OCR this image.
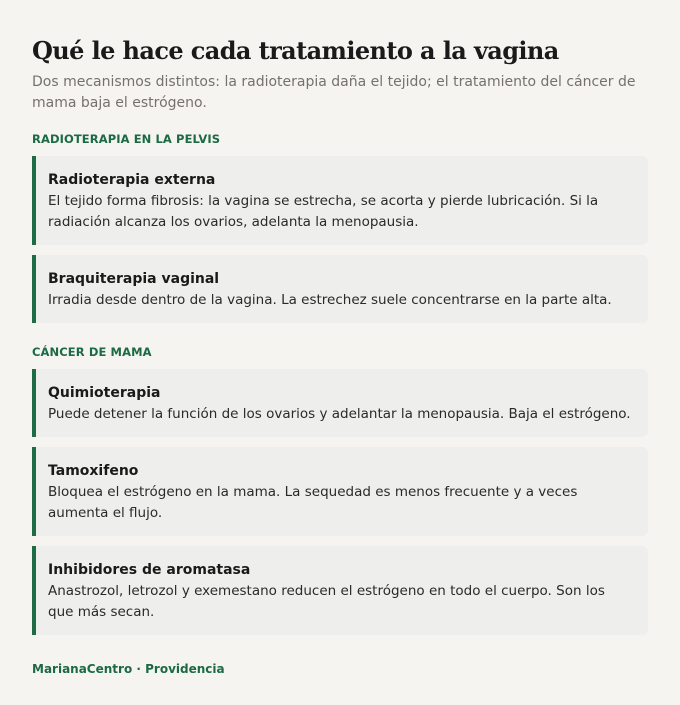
Qué le hace cada tratamiento a la vagina

Dos mecanismos distintos: la radioterapia daña el tejido; el tratamiento del cáncer de mama baja el estrógeno.

RADIOTERAPIA EN LA PELVIS
Radioterapia externa
El tejido forma fibrosis: la vagina se estrecha, se acorta y pierde lubricación. Si la radiación alcanza los ovarios, adelanta la menopausia.
Braquiterapia vaginal
Irradia desde dentro de la vagina. La estrechez suele concentrarse en la parte alta.
CÁNCER DE MAMA
Quimioterapia
Puede detener la función de los ovarios y adelantar la menopausia. Baja el estrógeno.
Tamoxifeno
Bloquea el estrógeno en la mama. La sequedad es menos frecuente y a veces aumenta el flujo.
Inhibidores de aromatasa
Anastrozol, letrozol y exemestano reducen el estrógeno en todo el cuerpo. Son los que más secan.
MarianaCentro · Providencia
